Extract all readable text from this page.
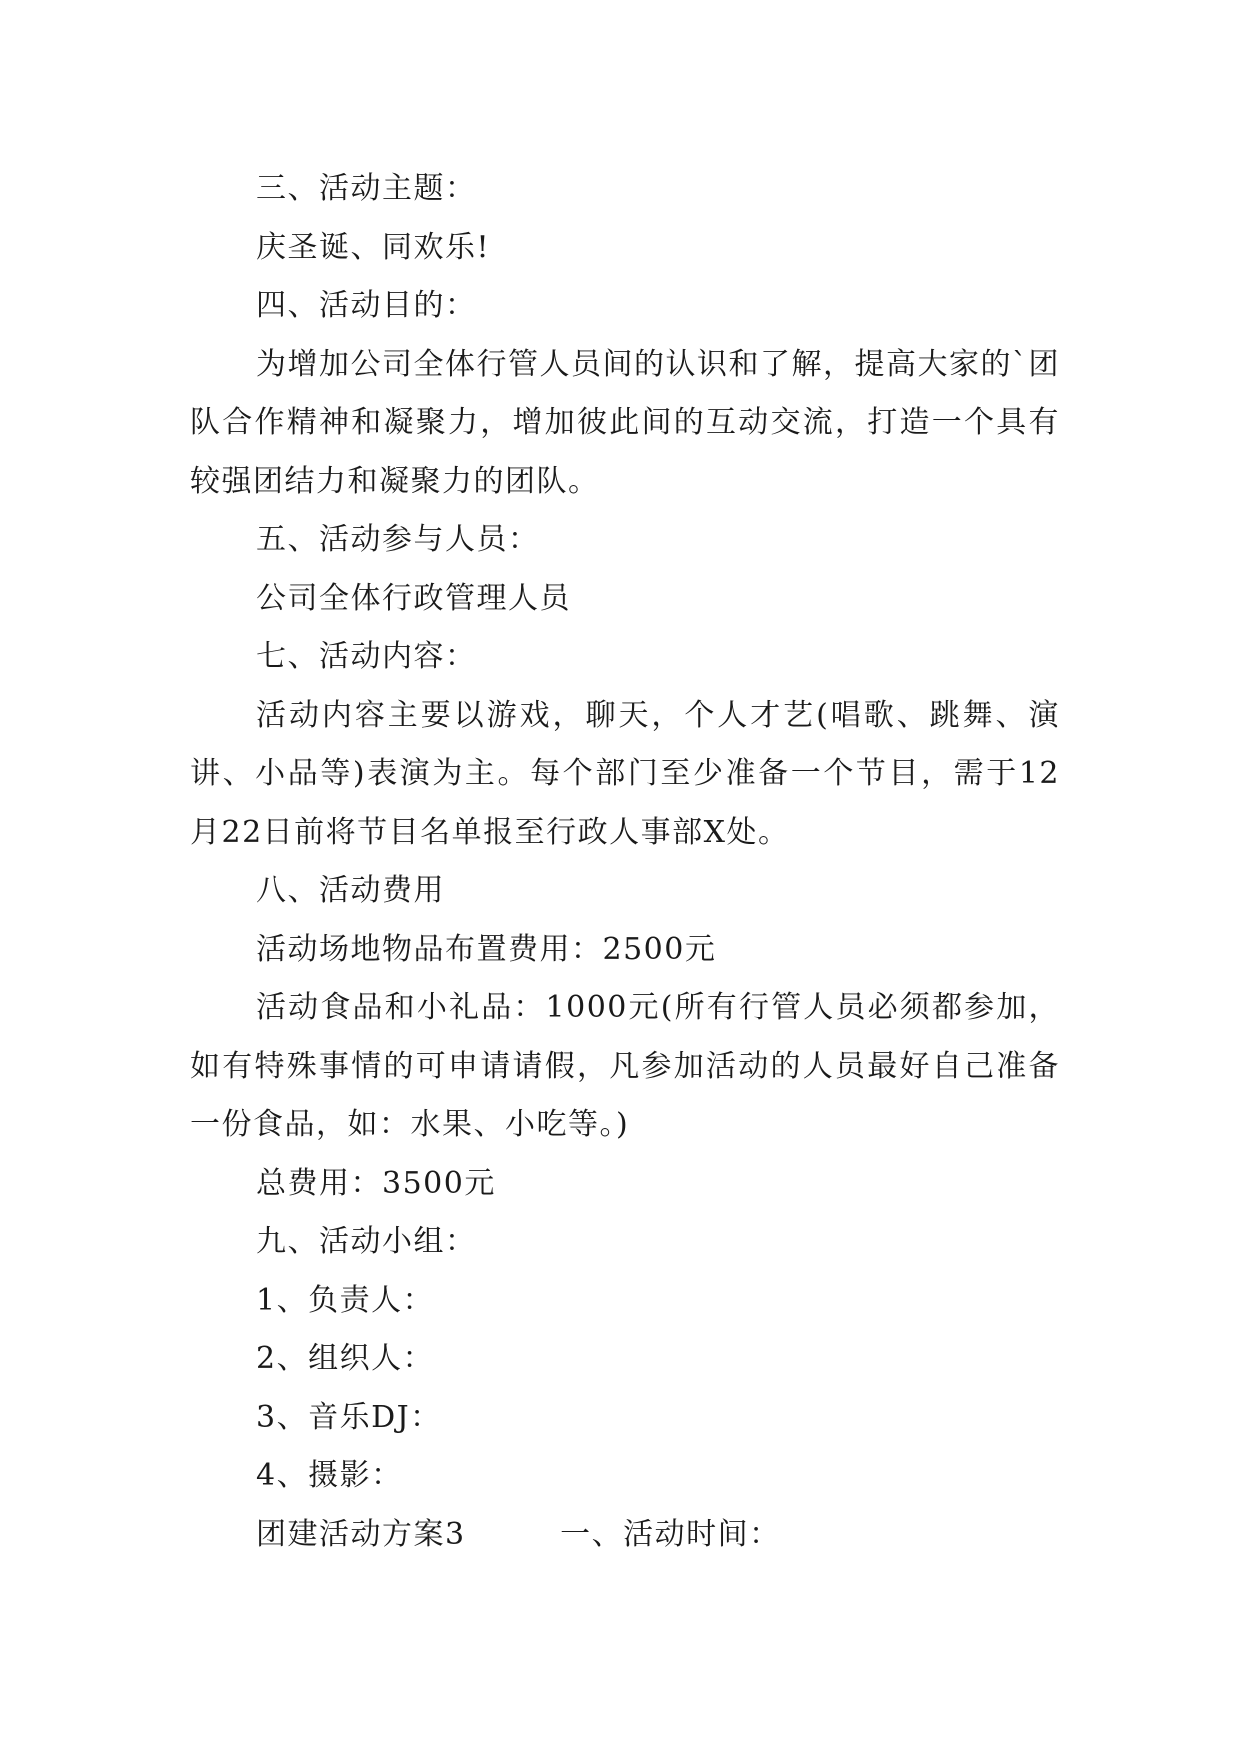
三、活动主题：

庆圣诞、同欢乐!

四、活动目的：

为增加公司全体行管人员间的认识和了解，提高大家的`团队合作精神和凝聚力，增加彼此间的互动交流，打造一个具有较强团结力和凝聚力的团队。

五、活动参与人员：

公司全体行政管理人员

七、活动内容：

活动内容主要以游戏，聊天，个人才艺(唱歌、跳舞、演讲、小品等)表演为主。每个部门至少准备一个节目，需于12月22日前将节目名单报至行政人事部X处。

八、活动费用

活动场地物品布置费用：2500元

活动食品和小礼品：1000元(所有行管人员必须都参加，如有特殊事情的可申请请假，凡参加活动的人员最好自己准备一份食品，如：水果、小吃等。)

总费用：3500元

九、活动小组：

1、负责人：

2、组织人：

3、音乐DJ：

4、摄影：

团建活动方案3　　　一、活动时间：
